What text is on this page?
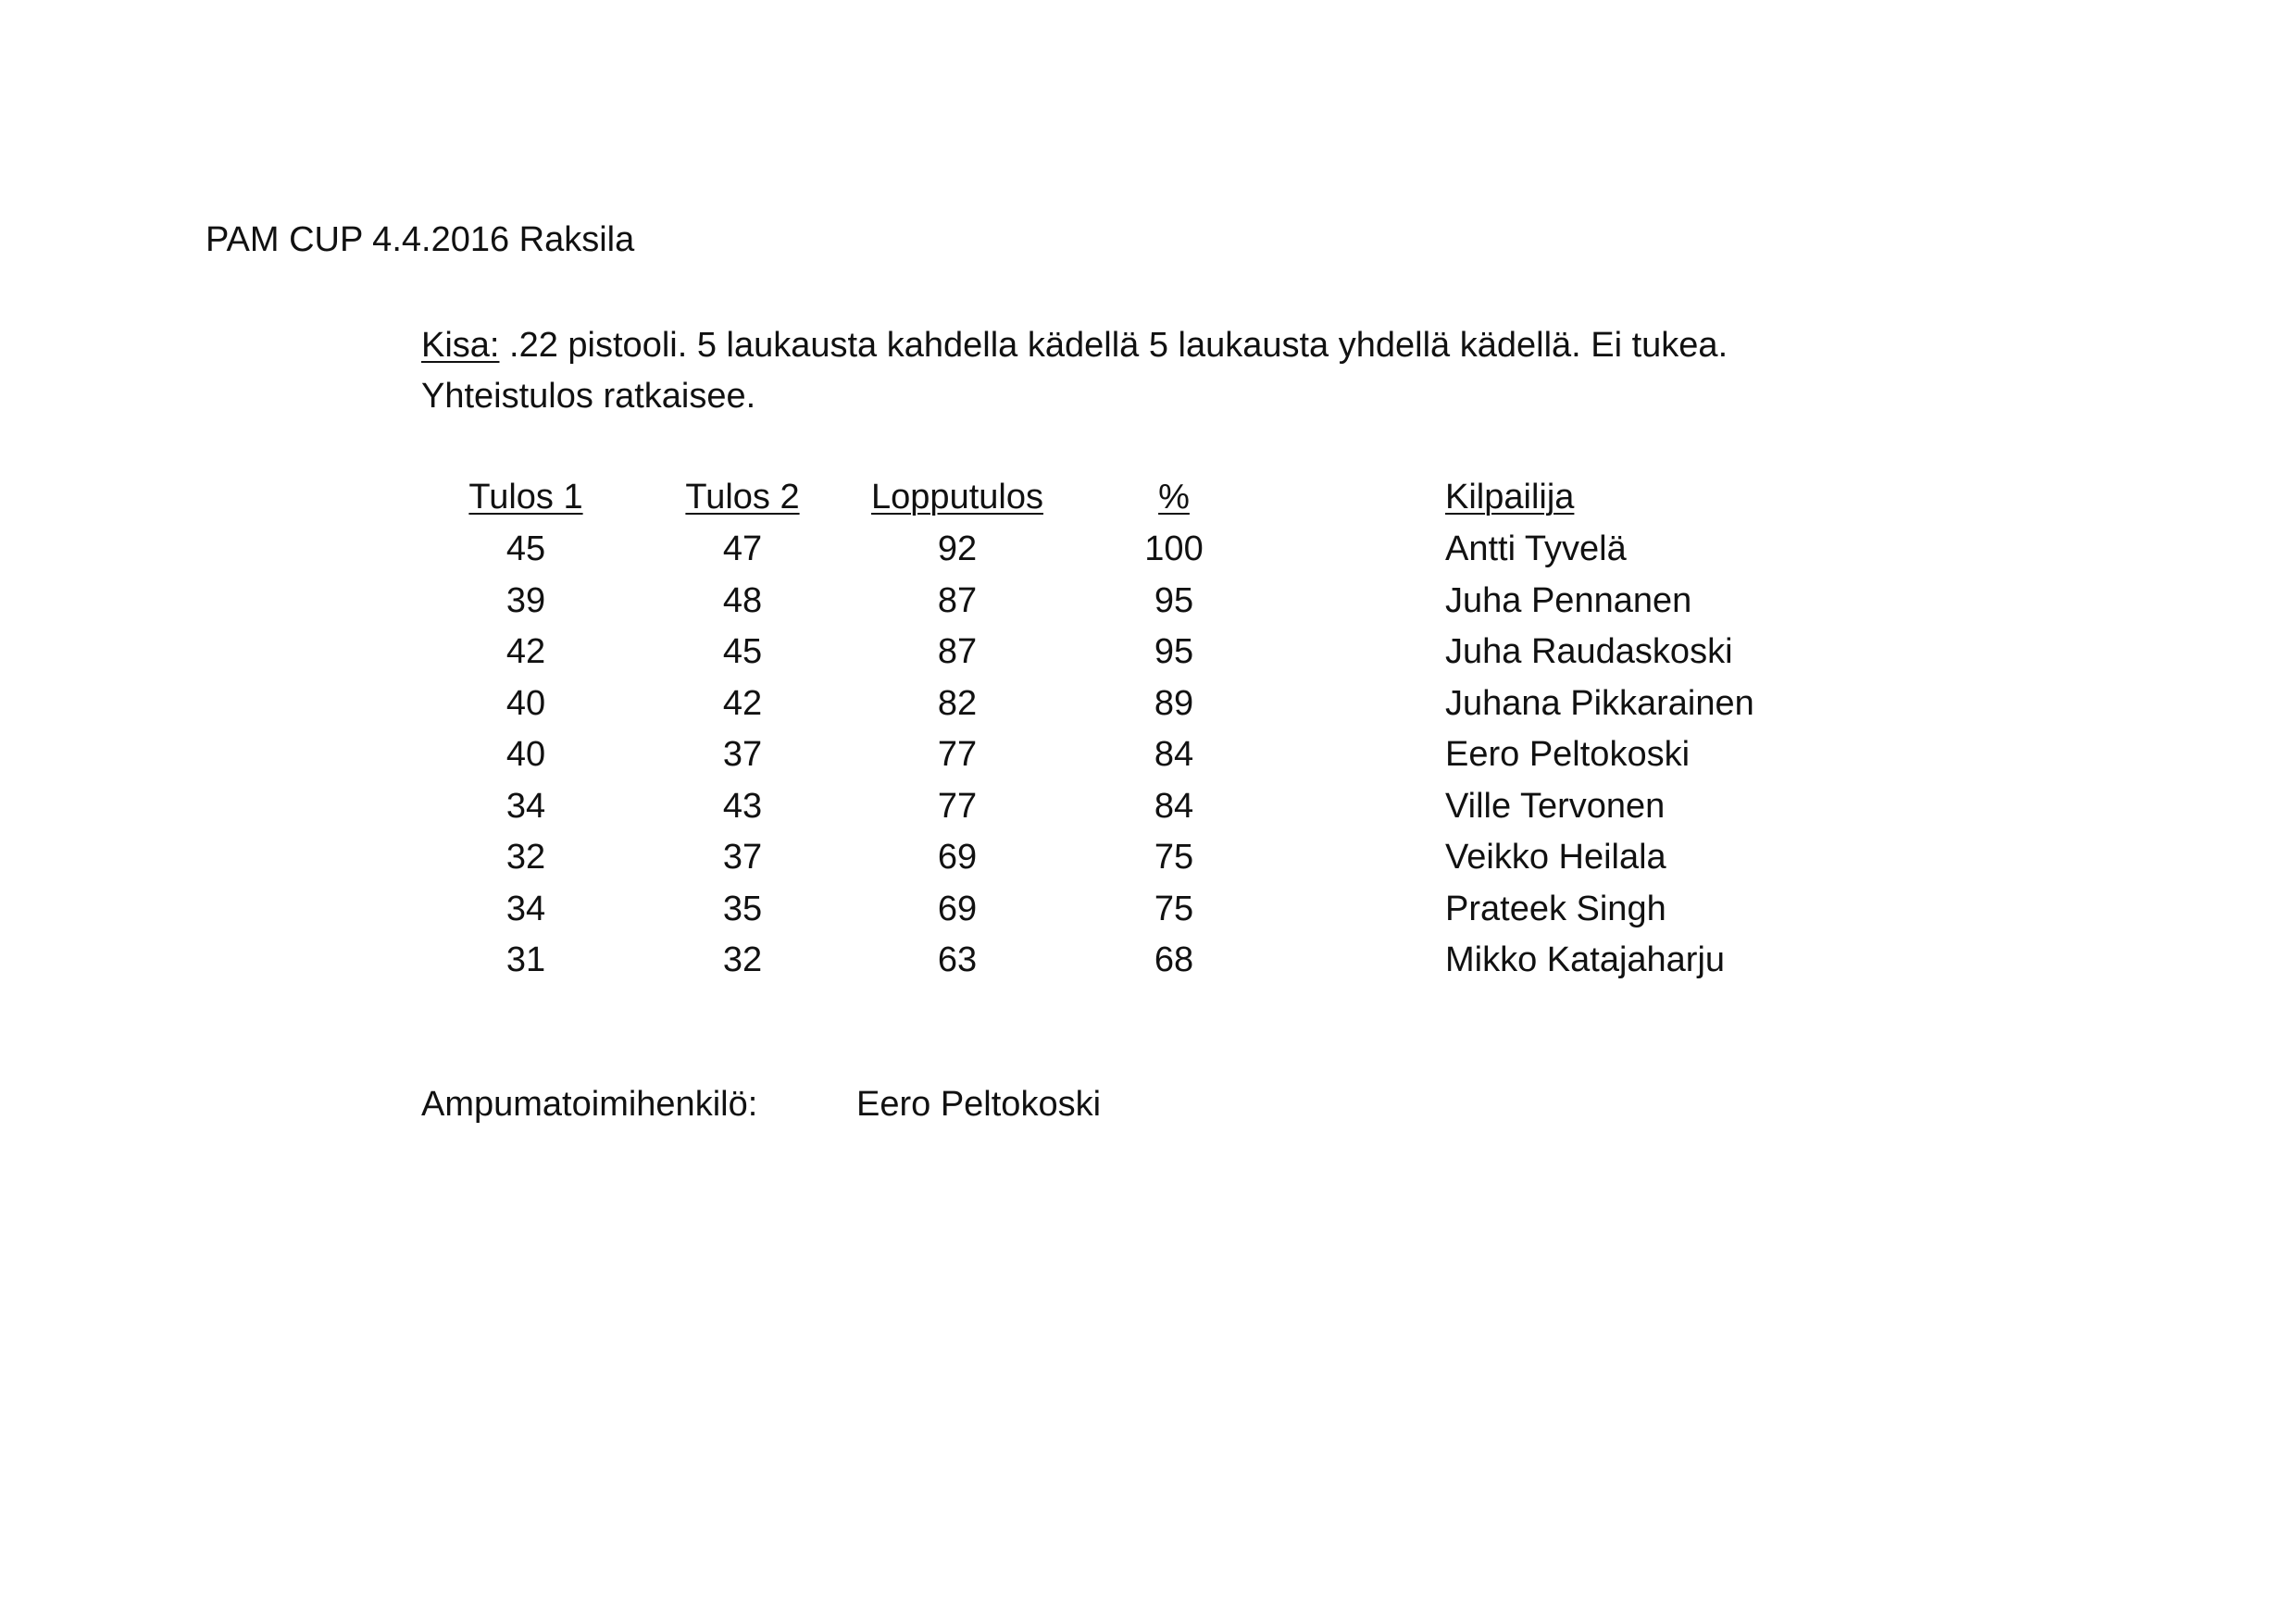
PAM CUP 4.4.2016 Raksila
Kisa: .22 pistooli. 5 laukausta kahdella kädellä 5 laukausta yhdellä kädellä. Ei tukea.
Yhteistulos ratkaisee.
Tulos 1	Tulos 2	Lopputulos	%	Kilpailija
45	47	92	100	Antti Tyvelä
39	48	87	95	Juha Pennanen
42	45	87	95	Juha Raudaskoski
40	42	82	89	Juhana Pikkarainen
40	37	77	84	Eero Peltokoski
34	43	77	84	Ville Tervonen
32	37	69	75	Veikko Heilala
34	35	69	75	Prateek Singh
31	32	63	68	Mikko Katajaharju
Ampumatoimihenkilö:	Eero Peltokoski
